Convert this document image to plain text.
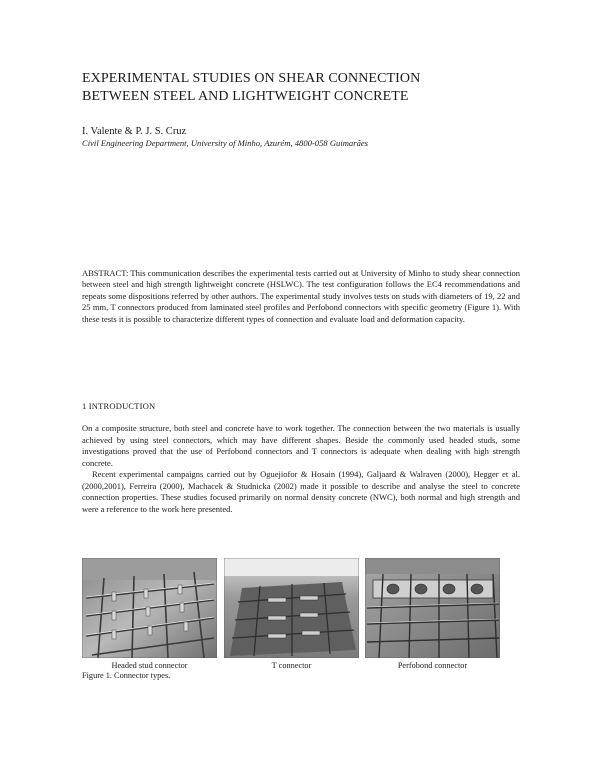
EXPERIMENTAL STUDIES ON SHEAR CONNECTION
BETWEEN STEEL AND LIGHTWEIGHT CONCRETE
I. Valente & P. J. S. Cruz
Civil Engineering Department, University of Minho, Azurém, 4800-058 Guimarães
ABSTRACT: This communication describes the experimental tests carried out at University of Minho to study shear connection between steel and high strength lightweight concrete (HSLWC). The test configuration follows the EC4 recommendations and repeats some dispositions referred by other authors. The experimental study involves tests on studs with diameters of 19, 22 and 25 mm, T connectors produced from laminated steel profiles and Perfobond connectors with specific geometry (Figure 1). With these tests it is possible to characterize different types of connection and evaluate load and deformation capacity.
1 INTRODUCTION

On a composite structure, both steel and concrete have to work together. The connection between the two materials is usually achieved by using steel connectors, which may have different shapes. Beside the commonly used headed studs, some investigations proved that the use of Perfobond connectors and T connectors is adequate when dealing with high strength concrete.

Recent experimental campaigns carried out by Oguejiofor & Hosain (1994), Galjaard & Walraven (2000), Hegger et al. (2000,2001), Ferreira (2000), Machacek & Studnicka (2002) made it possible to describe and analyse the steel to concrete connection properties. These studies focused primarily on normal density concrete (NWC), both normal and high strength and were a reference to the work here presented.

Headed stud connector	T connector	Perfobond connector
Figure 1. Connector types.
